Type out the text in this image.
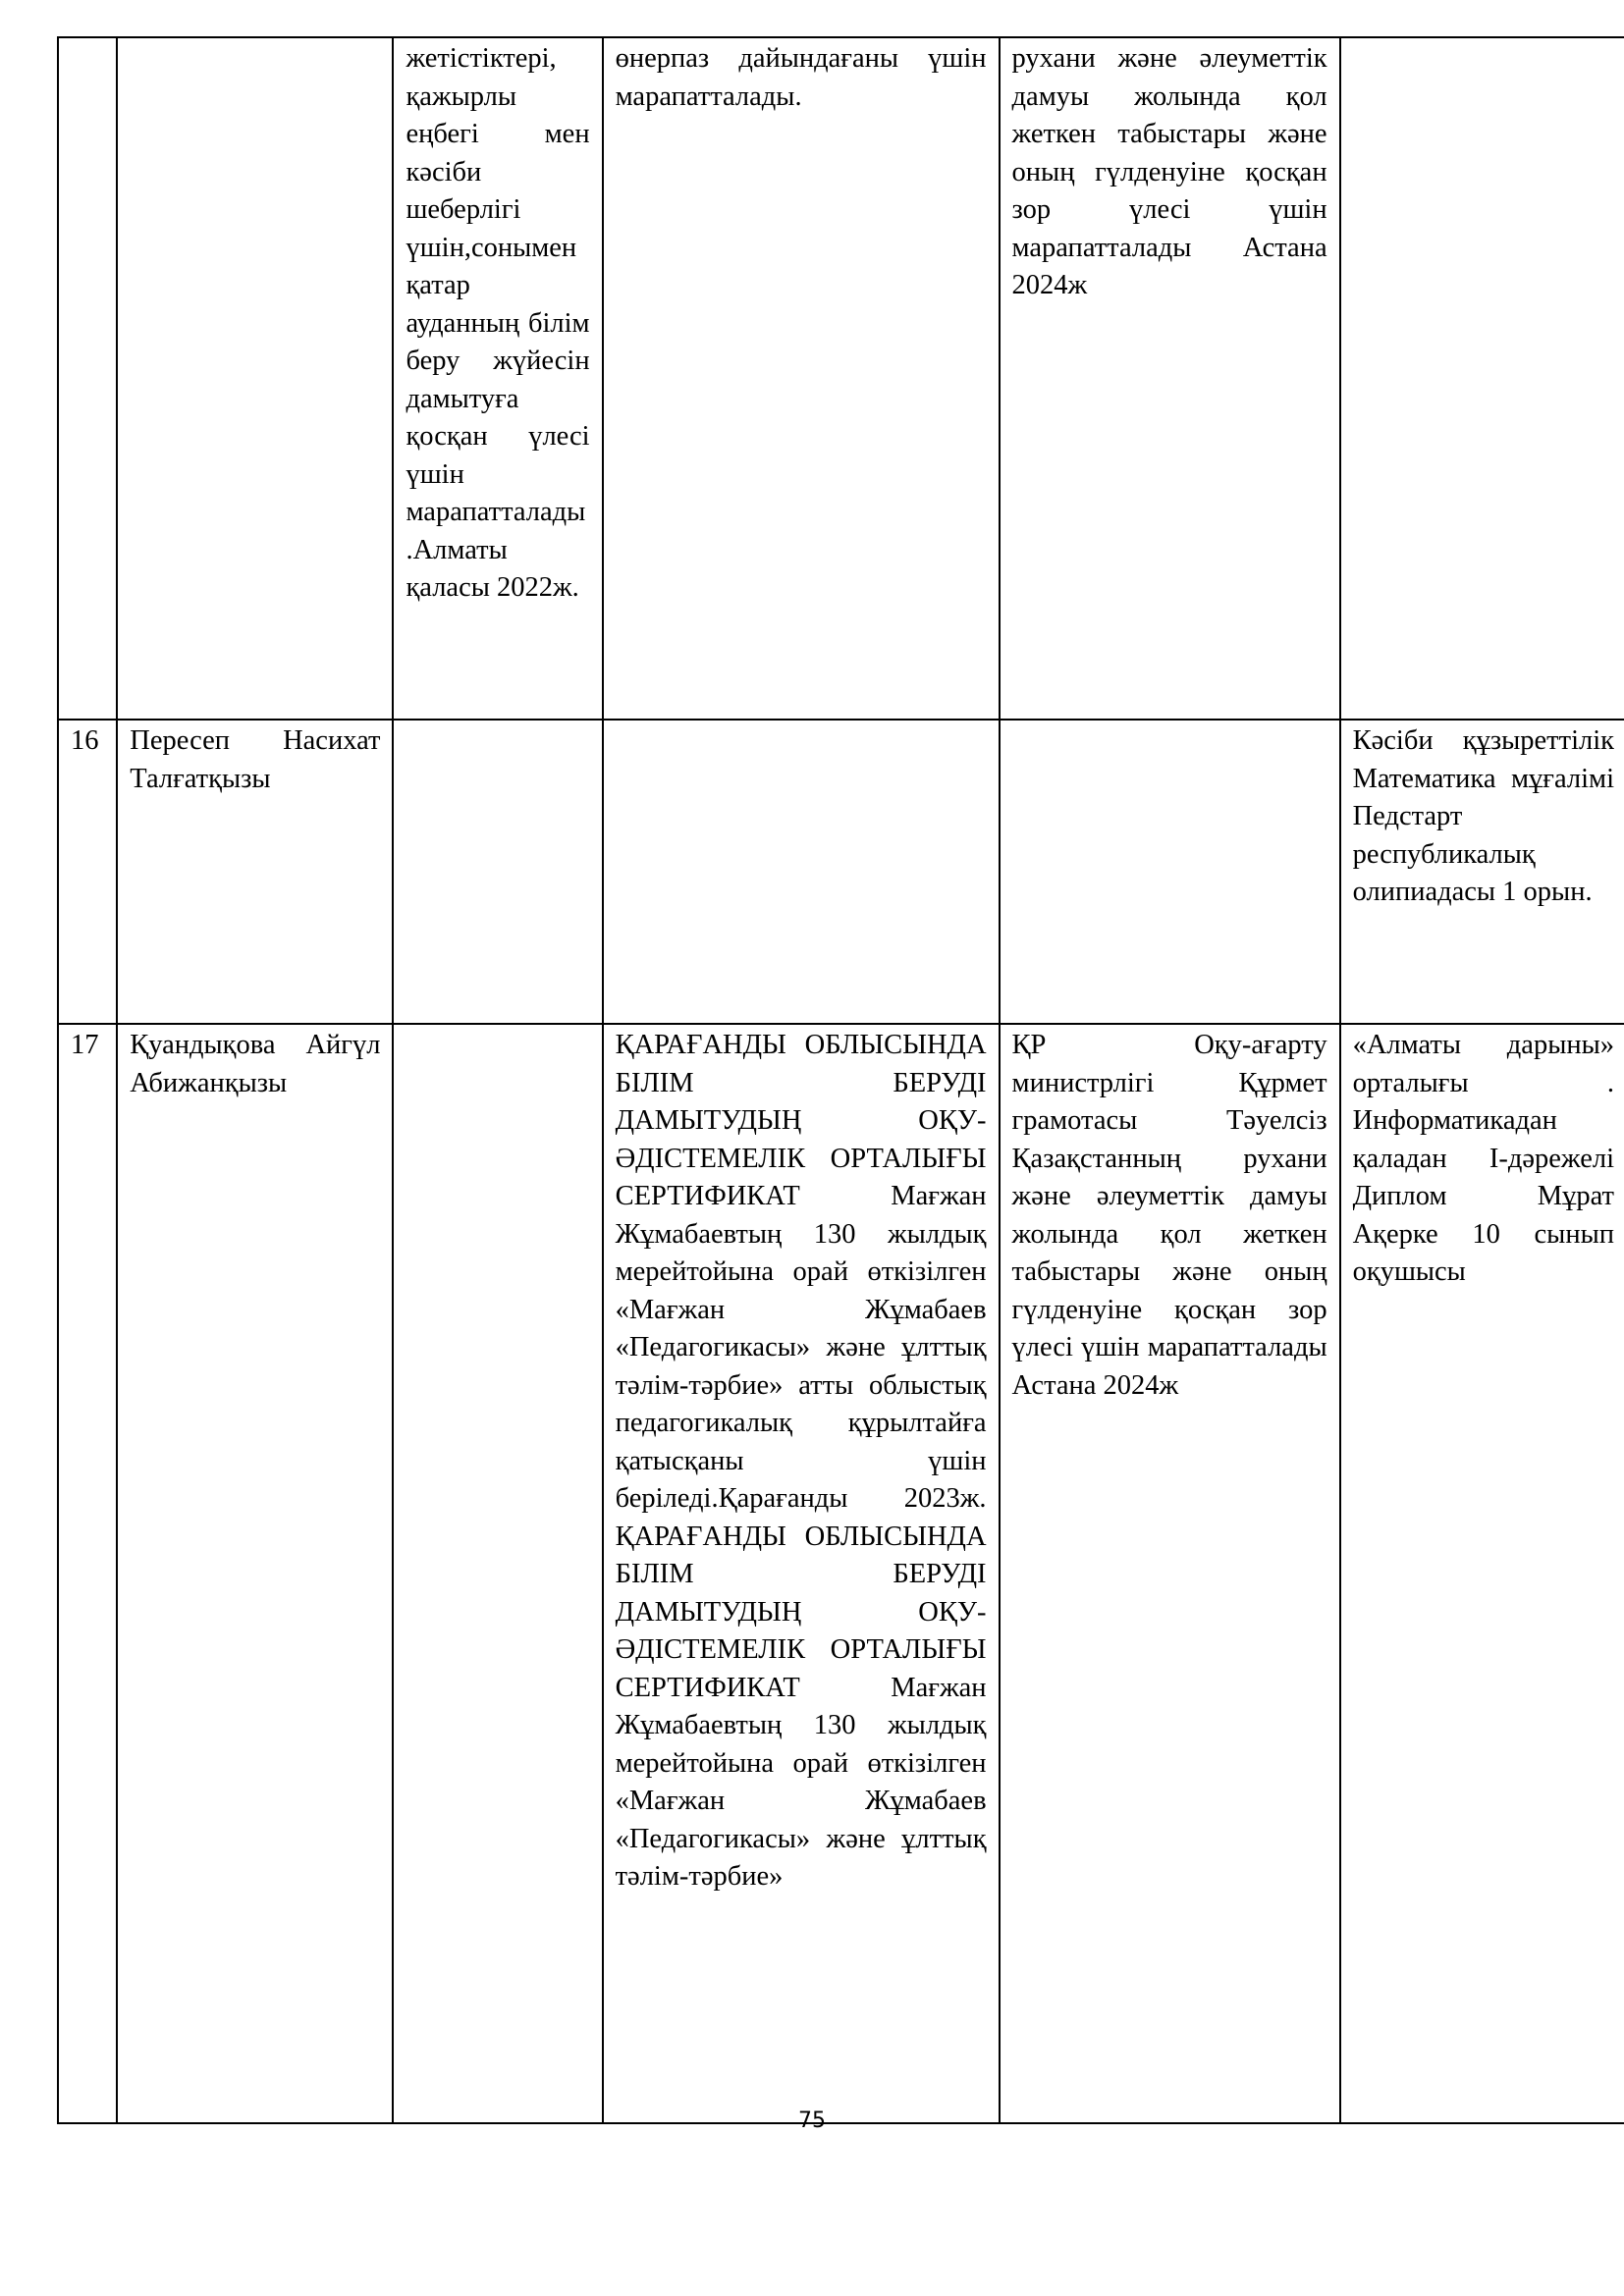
		жетістіктері, қажырлы еңбегі мен кәсіби шеберлігі үшін,сонымен қатар ауданның білім беру жүйесін дамытуға қосқан үлесі үшін марапатталады.Алматы қаласы 2022ж.	өнерпаз дайындағаны үшін марапатталады.	рухани және әлеуметтік дамуы жолында қол жеткен табыстары және оның гүлденуіне қосқан зор үлесі үшін марапатталады Астана 2024ж	
16	Пересеп Насихат Талғатқызы				Кәсіби құзыреттілік Математика мұғалімі Педстарт республикалық олипиадасы 1 орын.
17	Қуандықова Айгүл Абижанқызы		ҚАРАҒАНДЫ ОБЛЫСЫНДА БІЛІМ БЕРУДІ ДАМЫТУДЫҢ ОҚУ-ӘДІСТЕМЕЛІК ОРТАЛЫҒЫ СЕРТИФИКАТ Мағжан Жұмабаевтың 130 жылдық мерейтойына орай өткізілген «Мағжан Жұмабаев «Педагогикасы» және ұлттық тәлім-тәрбие» атты облыстық педагогикалық құрылтайға қатысқаны үшін беріледі.Қарағанды 2023ж. ҚАРАҒАНДЫ ОБЛЫСЫНДА БІЛІМ БЕРУДІ ДАМЫТУДЫҢ ОҚУ-ӘДІСТЕМЕЛІК ОРТАЛЫҒЫ СЕРТИФИКАТ Мағжан Жұмабаевтың 130 жылдық мерейтойына орай өткізілген «Мағжан Жұмабаев «Педагогикасы» және ұлттық тәлім-тәрбие»	ҚР Оқу-ағарту министрлігі Құрмет грамотасы Тәуелсіз Қазақстанның рухани және әлеуметтік дамуы жолында қол жеткен табыстары және оның гүлденуіне қосқан зор үлесі үшін марапатталады Астана 2024ж	«Алматы дарыны» орталығы . Информатикадан қаладан I-дәрежелі Диплом Мұрат Ақерке 10 сынып оқушысы
75
